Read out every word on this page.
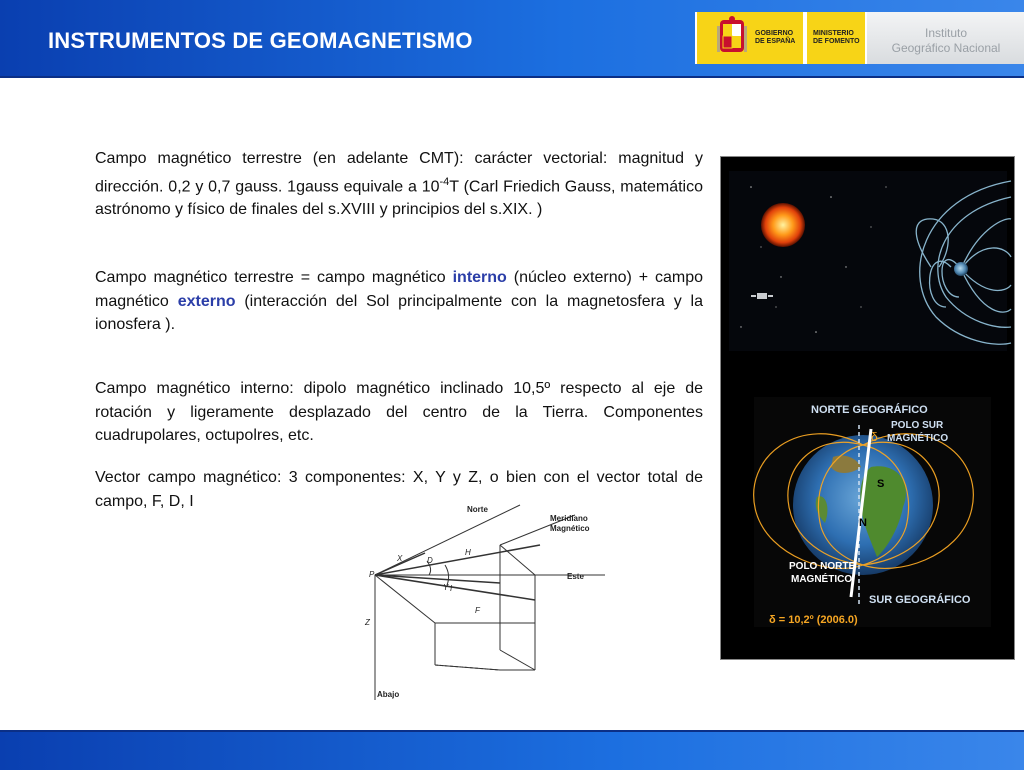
INSTRUMENTOS DE GEOMAGNETISMO	GOBIERNO
DE ESPAÑA
MINISTERIO
DE FOMENTO
Instituto
Geográfico Nacional
Campo magnético terrestre (en adelante CMT): carácter vectorial: magnitud y dirección. 0,2 y 0,7 gauss. 1gauss equivale a $10^{-4}T$ (Carl Friedich Gauss, matemático astrónomo y físico de finales del s.XVIII y principios del s.XIX. )
Campo magnético terrestre = campo magnético interno (núcleo externo) + campo magnético externo (interacción del Sol principalmente con la magnetosfera y la ionosfera ).
Campo magnético interno: dipolo magnético inclinado 10,5º respecto al eje de rotación y ligeramente desplazado del centro de la Tierra. Componentes cuadrupolares, octupolres, etc.
Vector campo magnético: 3 componentes: X, Y y Z, o bien con el vector total de campo, F, D, I
NORTE GEOGRÁFICO
POLO SUR
MAGNÉTICO
δ
S
N
POLO NORTE
MAGNÉTICO
SUR GEOGRÁFICO
δ = 10,2º (2006.0)
Norte
Meridiano
Magnético
Este
Abajo
X	D
H
Y
P
I
F
Z
